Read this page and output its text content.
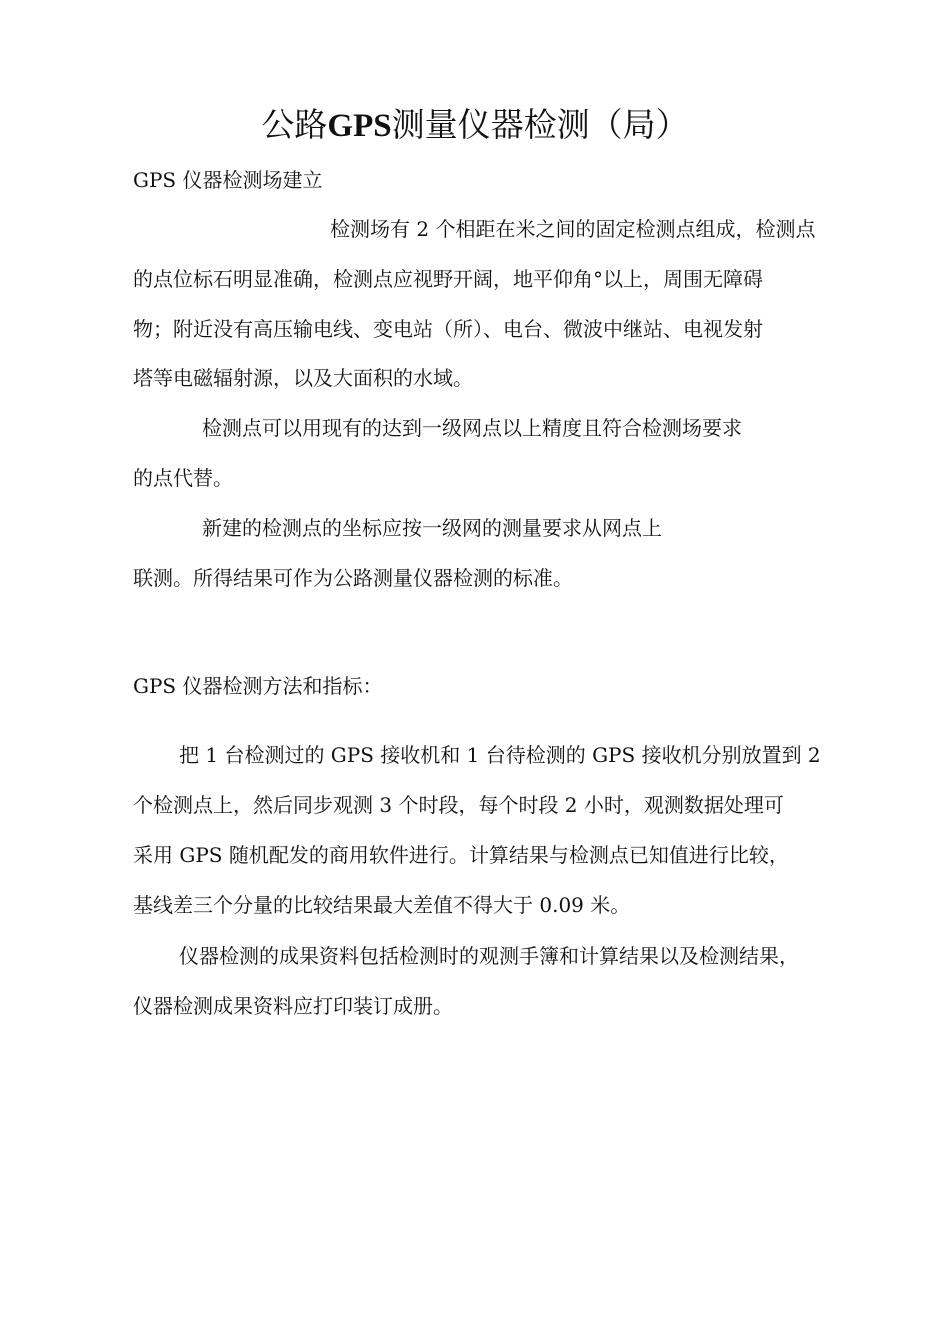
公路GPS测量仪器检测（局）
GPS 仪器检测场建立
检测场有 2 个相距在米之间的固定检测点组成，检测点
的点位标石明显准确，检测点应视野开阔，地平仰角°以上，周围无障碍
物；附近没有高压输电线、变电站（所）、电台、微波中继站、电视发射
塔等电磁辐射源，以及大面积的水域。
检测点可以用现有的达到一级网点以上精度且符合检测场要求
的点代替。
新建的检测点的坐标应按一级网的测量要求从网点上
联测。所得结果可作为公路测量仪器检测的标准。
GPS 仪器检测方法和指标：
把 1 台检测过的 GPS 接收机和 1 台待检测的 GPS 接收机分别放置到 2
个检测点上，然后同步观测 3 个时段，每个时段 2 小时，观测数据处理可
采用 GPS 随机配发的商用软件进行。计算结果与检测点已知值进行比较，
基线差三个分量的比较结果最大差值不得大于 0.09 米。
仪器检测的成果资料包括检测时的观测手簿和计算结果以及检测结果，
仪器检测成果资料应打印装订成册。
